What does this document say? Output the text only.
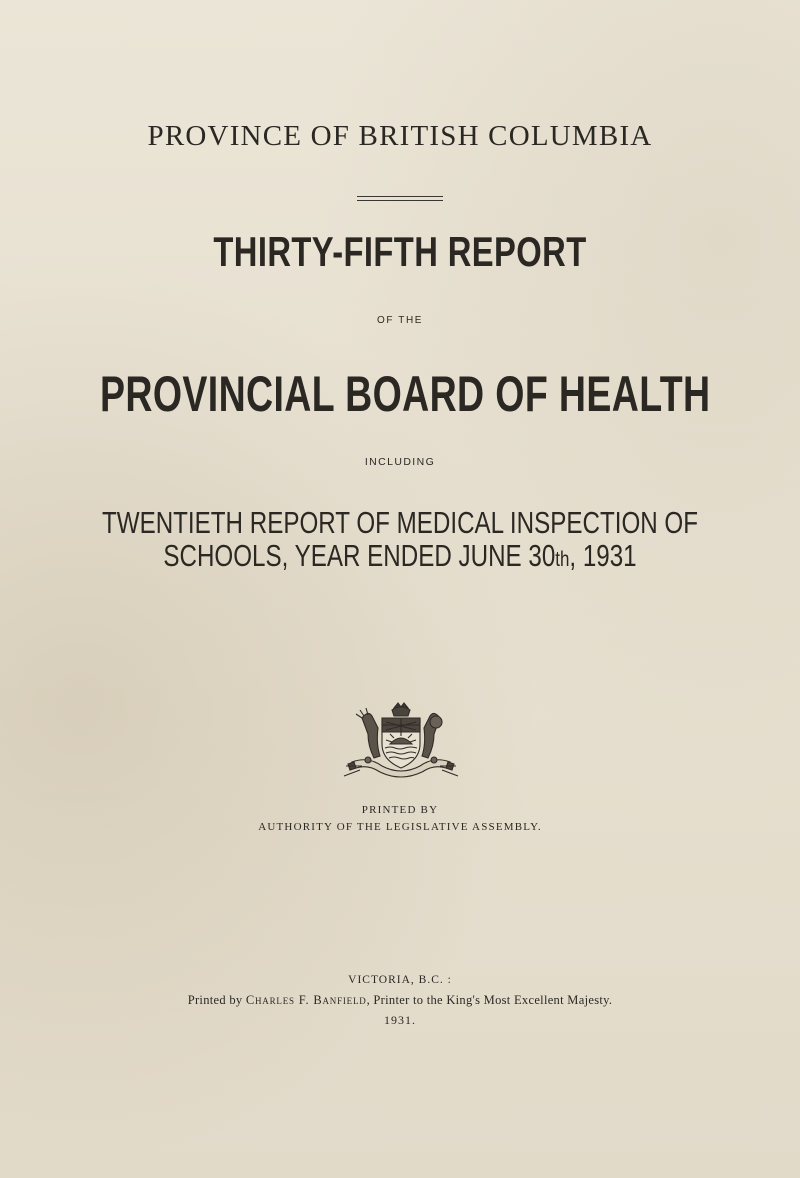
PROVINCE OF BRITISH COLUMBIA
THIRTY-FIFTH REPORT
OF THE
PROVINCIAL BOARD OF HEALTH
INCLUDING
TWENTIETH REPORT OF MEDICAL INSPECTION OF
SCHOOLS, YEAR ENDED JUNE 30th, 1931
PRINTED BY
AUTHORITY OF THE LEGISLATIVE ASSEMBLY.
VICTORIA, B.C. :
Printed by Charles F. Banfield, Printer to the King's Most Excellent Majesty.
1931.
